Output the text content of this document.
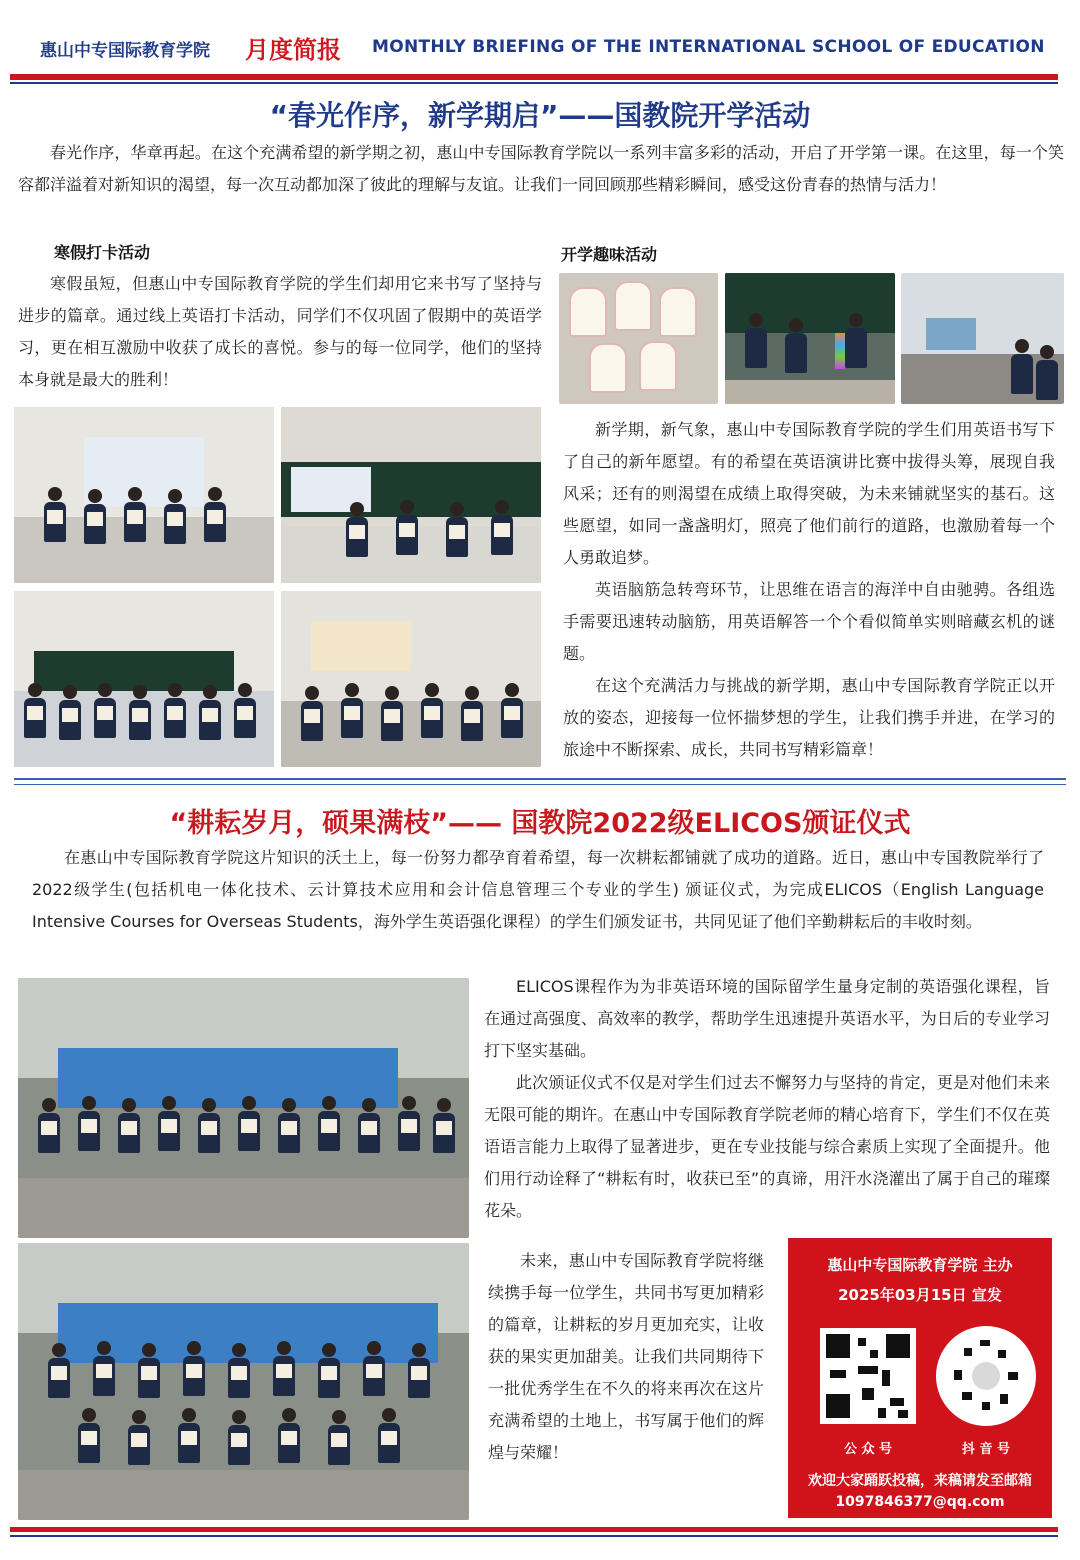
惠山中专国际教育学院 月度简报 MONTHLY BRIEFING OF THE INTERNATIONAL SCHOOL OF EDUCATION
“春光作序，新学期启”——国教院开学活动
春光作序，华章再起。在这个充满希望的新学期之初，惠山中专国际教育学院以一系列丰富多彩的活动，开启了开学第一课。在这里，每一个笑容都洋溢着对新知识的渴望，每一次互动都加深了彼此的理解与友谊。让我们一同回顾那些精彩瞬间，感受这份青春的热情与活力！
寒假打卡活动
寒假虽短，但惠山中专国际教育学院的学生们却用它来书写了坚持与进步的篇章。通过线上英语打卡活动，同学们不仅巩固了假期中的英语学习，更在相互激励中收获了成长的喜悦。参与的每一位同学，他们的坚持本身就是最大的胜利！
开学趣味活动
新学期，新气象，惠山中专国际教育学院的学生们用英语书写下了自己的新年愿望。有的希望在英语演讲比赛中拔得头筹，展现自我风采；还有的则渴望在成绩上取得突破，为未来铺就坚实的基石。这些愿望，如同一盏盏明灯，照亮了他们前行的道路，也激励着每一个人勇敢追梦。
英语脑筋急转弯环节，让思维在语言的海洋中自由驰骋。各组选手需要迅速转动脑筋，用英语解答一个个看似简单实则暗藏玄机的谜题。
在这个充满活力与挑战的新学期，惠山中专国际教育学院正以开放的姿态，迎接每一位怀揣梦想的学生，让我们携手并进，在学习的旅途中不断探索、成长，共同书写精彩篇章！
“耕耘岁月，硕果满枝”—— 国教院2022级ELICOS颁证仪式
在惠山中专国际教育学院这片知识的沃土上，每一份努力都孕育着希望，每一次耕耘都铺就了成功的道路。近日，惠山中专国教院举行了2022级学生(包括机电一体化技术、云计算技术应用和会计信息管理三个专业的学生) 颁证仪式，为完成ELICOS（English Language Intensive Courses for Overseas Students，海外学生英语强化课程）的学生们颁发证书，共同见证了他们辛勤耕耘后的丰收时刻。
ELICOS课程作为为非英语环境的国际留学生量身定制的英语强化课程，旨在通过高强度、高效率的教学，帮助学生迅速提升英语水平，为日后的专业学习打下坚实基础。
此次颁证仪式不仅是对学生们过去不懈努力与坚持的肯定，更是对他们未来无限可能的期许。在惠山中专国际教育学院老师的精心培育下，学生们不仅在英语语言能力上取得了显著进步，更在专业技能与综合素质上实现了全面提升。他们用行动诠释了“耕耘有时，收获已至”的真谛，用汗水浇灌出了属于自己的璀璨花朵。
未来，惠山中专国际教育学院将继续携手每一位学生，共同书写更加精彩的篇章，让耕耘的岁月更加充实，让收获的果实更加甜美。让我们共同期待下一批优秀学生在不久的将来再次在这片充满希望的土地上，书写属于他们的辉煌与荣耀！
惠山中专国际教育学院 主办
2025年03月15日 宣发
公 众 号	抖 音 号
欢迎大家踊跃投稿，来稿请发至邮箱
1097846377@qq.com
